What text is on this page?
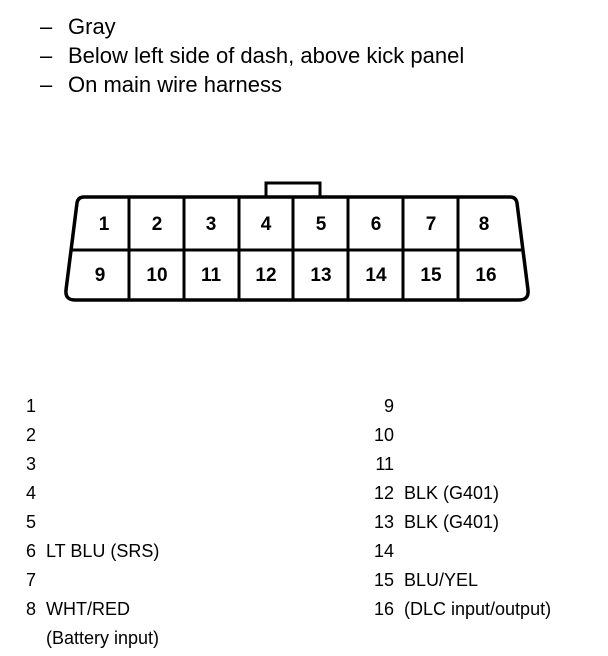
– Gray
– Below left side of dash, above kick panel
– On main wire harness
1 2 3 4 5 6 7 8
9 10 11 12 13 14 15 16
1
2
3
4
5
6 LT BLU (SRS)
7
8 WHT/RED
(Battery input)
9
10
11
12 BLK (G401)
13 BLK (G401)
14
15 BLU/YEL
(DLC input/output)
16
